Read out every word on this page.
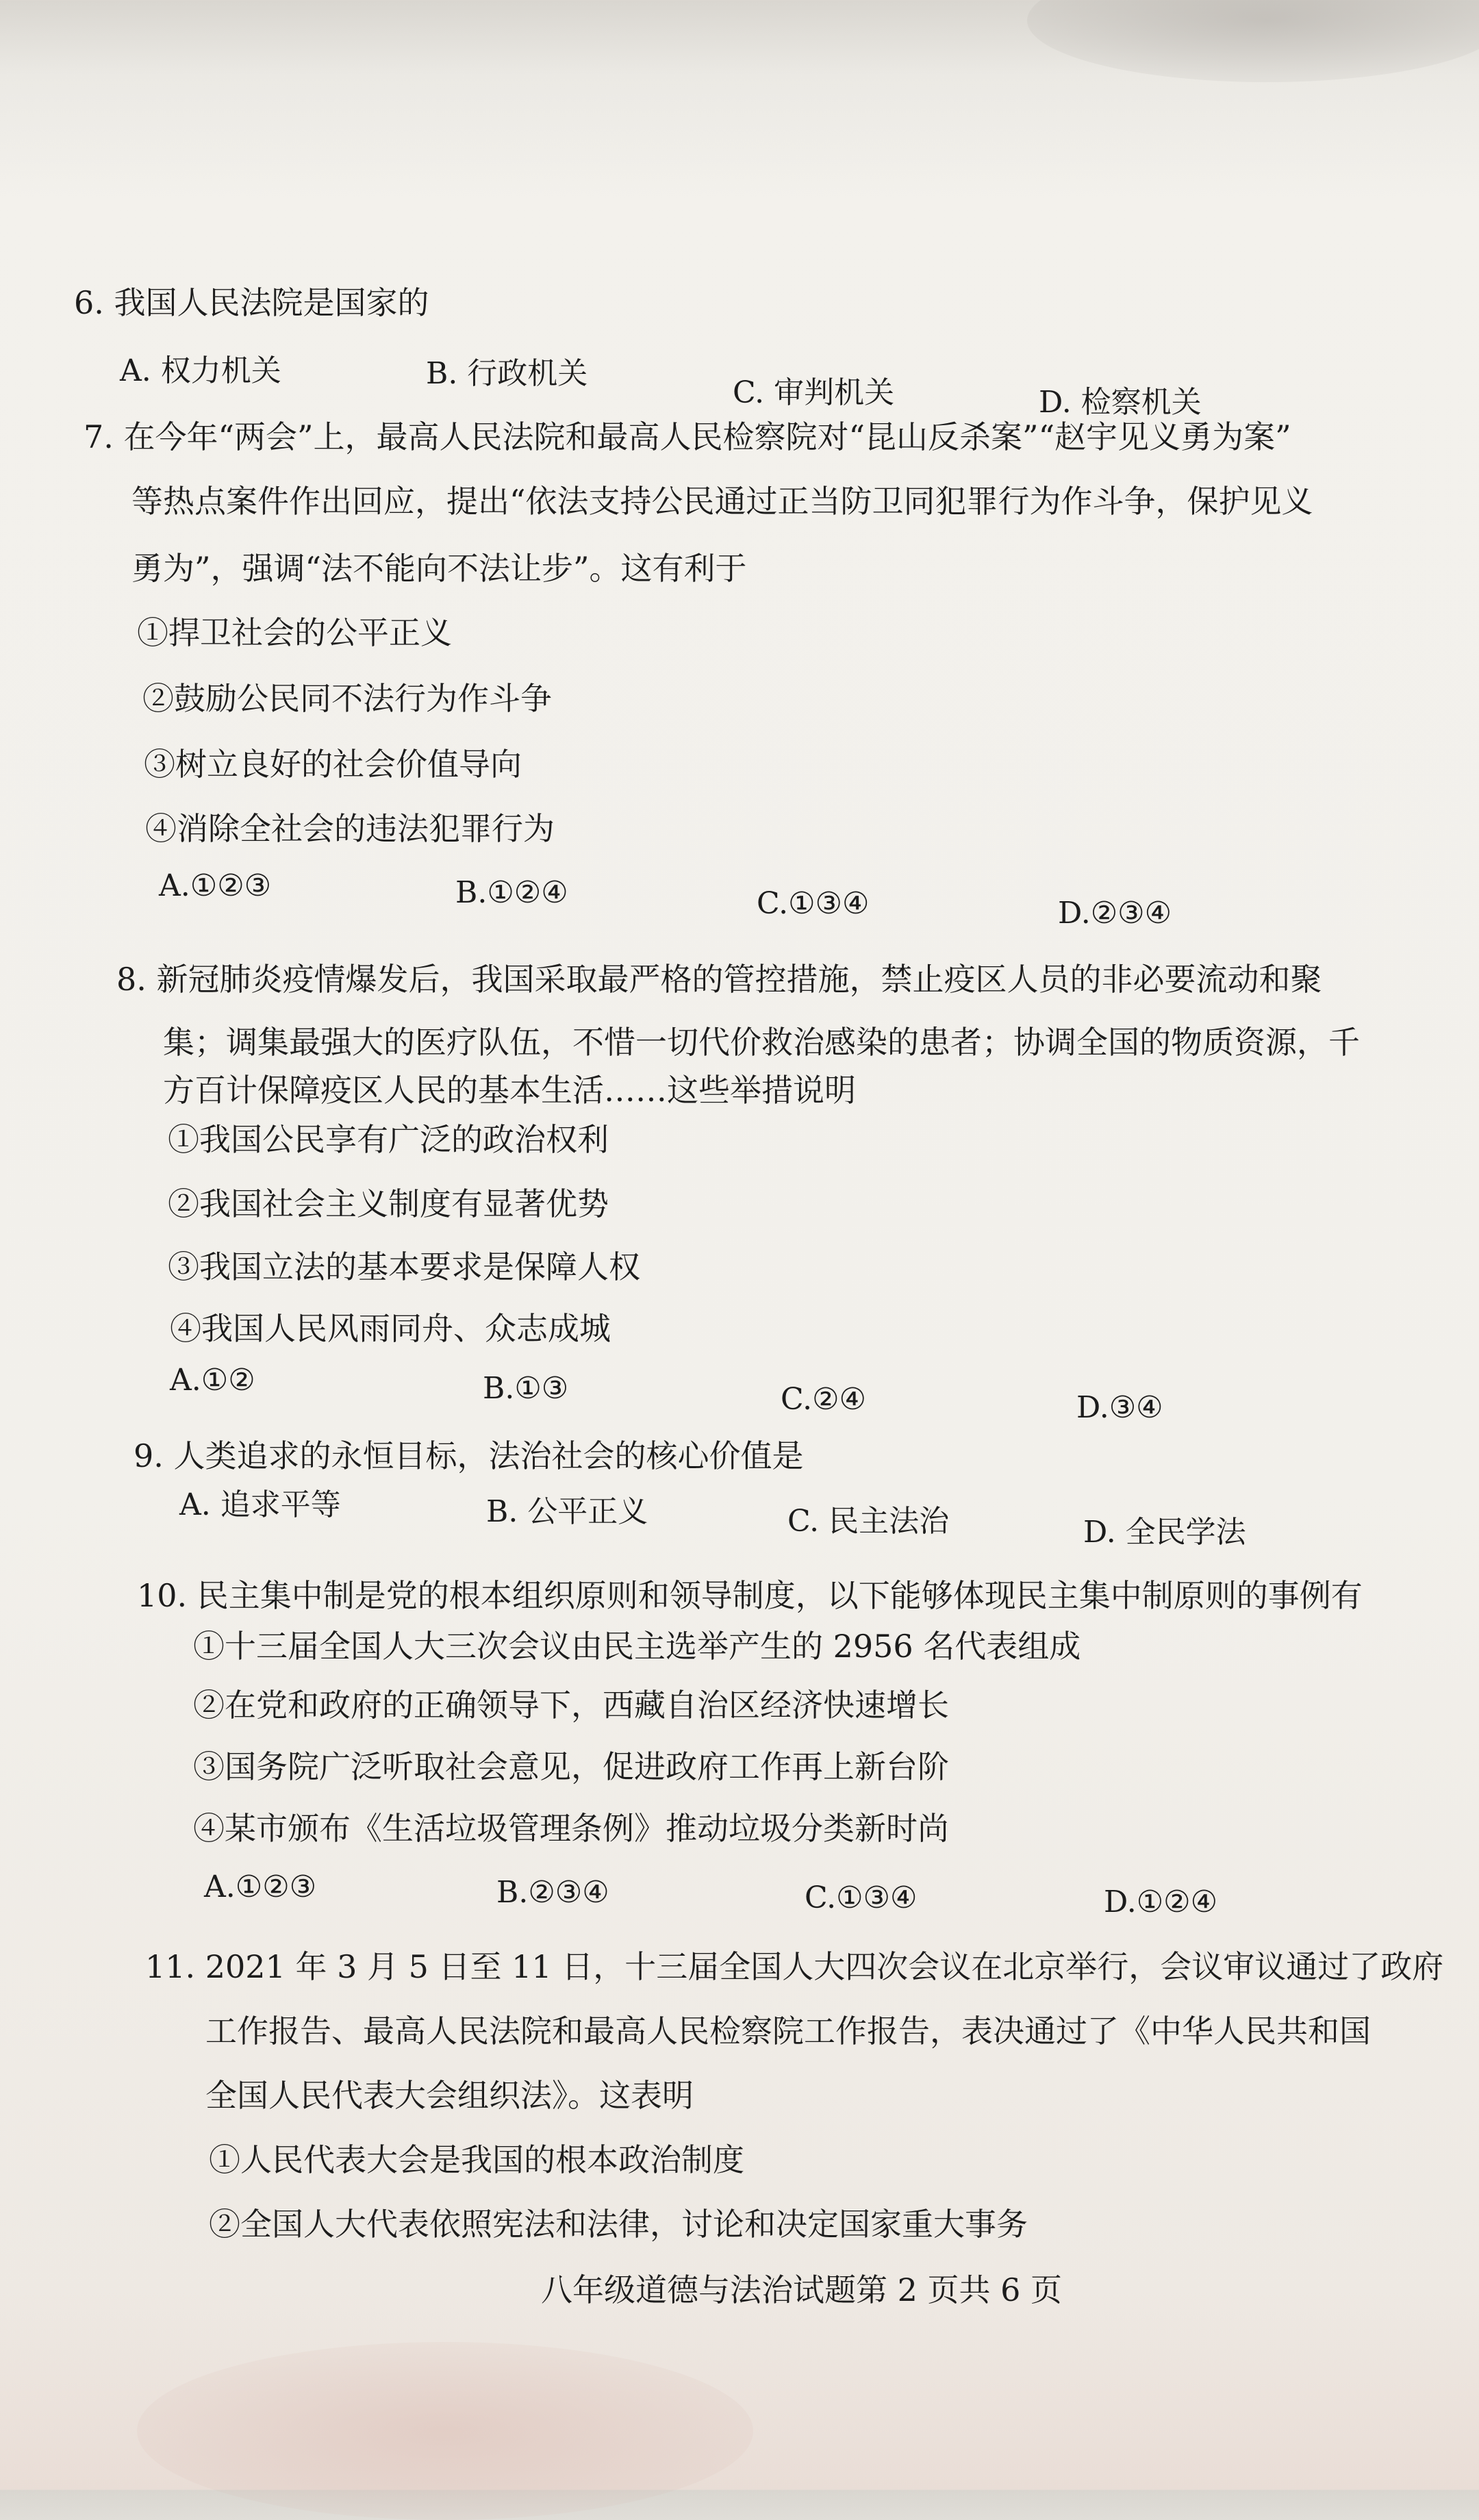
6. 我国人民法院是国家的
A. 权力机关	B. 行政机关
C. 审判机关	D. 检察机关
7. 在今年“两会”上，最高人民法院和最高人民检察院对“昆山反杀案”“赵宇见义勇为案”
等热点案件作出回应，提出“依法支持公民通过正当防卫同犯罪行为作斗争，保护见义
勇为”，强调“法不能向不法让步”。这有利于
①捍卫社会的公平正义
②鼓励公民同不法行为作斗争
③树立良好的社会价值导向
④消除全社会的违法犯罪行为
A.①②③	B.①②④	C.①③④	D.②③④
8. 新冠肺炎疫情爆发后，我国采取最严格的管控措施，禁止疫区人员的非必要流动和聚
集；调集最强大的医疗队伍，不惜一切代价救治感染的患者；协调全国的物质资源，千
方百计保障疫区人民的基本生活……这些举措说明
①我国公民享有广泛的政治权利
②我国社会主义制度有显著优势
③我国立法的基本要求是保障人权
④我国人民风雨同舟、众志成城
A.①②	B.①③	C.②④	D.③④
9. 人类追求的永恒目标，法治社会的核心价值是
A. 追求平等	B. 公平正义	C. 民主法治	D. 全民学法
10. 民主集中制是党的根本组织原则和领导制度，以下能够体现民主集中制原则的事例有
①十三届全国人大三次会议由民主选举产生的 2956 名代表组成
②在党和政府的正确领导下，西藏自治区经济快速增长
③国务院广泛听取社会意见，促进政府工作再上新台阶
④某市颁布《生活垃圾管理条例》推动垃圾分类新时尚
A.①②③	B.②③④	C.①③④	D.①②④
11. 2021 年 3 月 5 日至 11 日，十三届全国人大四次会议在北京举行，会议审议通过了政府
工作报告、最高人民法院和最高人民检察院工作报告，表决通过了《中华人民共和国
全国人民代表大会组织法》。这表明
①人民代表大会是我国的根本政治制度
②全国人大代表依照宪法和法律，讨论和决定国家重大事务
八年级道德与法治试题第 2 页共 6 页
